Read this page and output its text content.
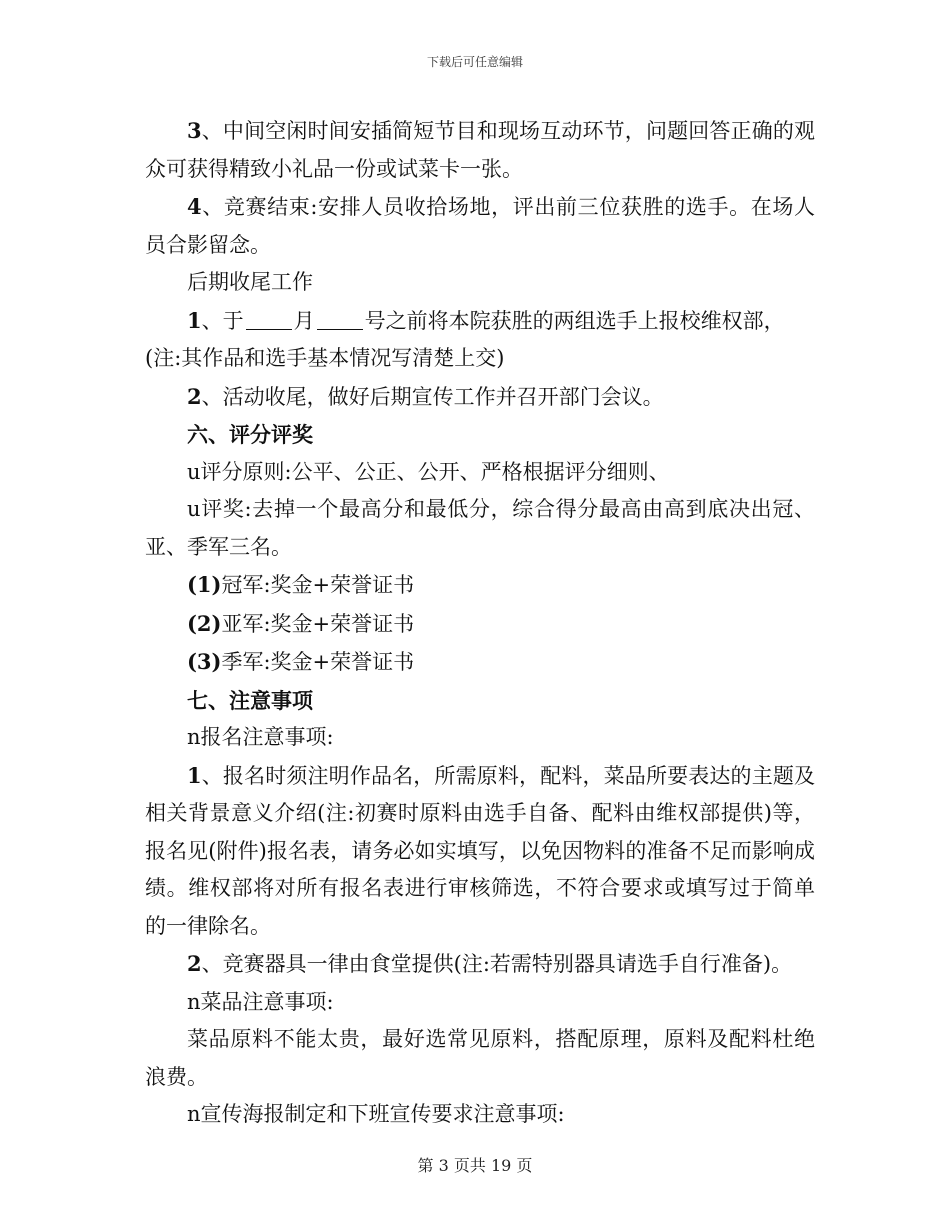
下载后可任意编辑

3、中间空闲时间安插简短节目和现场互动环节，问题回答正确的观众可获得精致小礼品一份或试菜卡一张。

4、竞赛结束:安排人员收拾场地，评出前三位获胜的选手。在场人员合影留念。

后期收尾工作

1、于 月 号之前将本院获胜的两组选手上报校维权部，

(注:其作品和选手基本情况写清楚上交)

2、活动收尾，做好后期宣传工作并召开部门会议。

六、评分评奖

u评分原则:公平、公正、公开、严格根据评分细则、

u评奖:去掉一个最高分和最低分，综合得分最高由高到底决出冠、亚、季军三名。

(1)冠军:奖金+荣誉证书

(2)亚军:奖金+荣誉证书

(3)季军:奖金+荣誉证书

七、注意事项

n报名注意事项:

1、报名时须注明作品名，所需原料，配料，菜品所要表达的主题及相关背景意义介绍(注:初赛时原料由选手自备、配料由维权部提供)等，报名见(附件)报名表，请务必如实填写，以免因物料的准备不足而影响成绩。维权部将对所有报名表进行审核筛选，不符合要求或填写过于简单的一律除名。

2、竞赛器具一律由食堂提供(注:若需特别器具请选手自行准备)。

n菜品注意事项:

菜品原料不能太贵，最好选常见原料，搭配原理，原料及配料杜绝浪费。

n宣传海报制定和下班宣传要求注意事项:

第 3 页共 19 页
